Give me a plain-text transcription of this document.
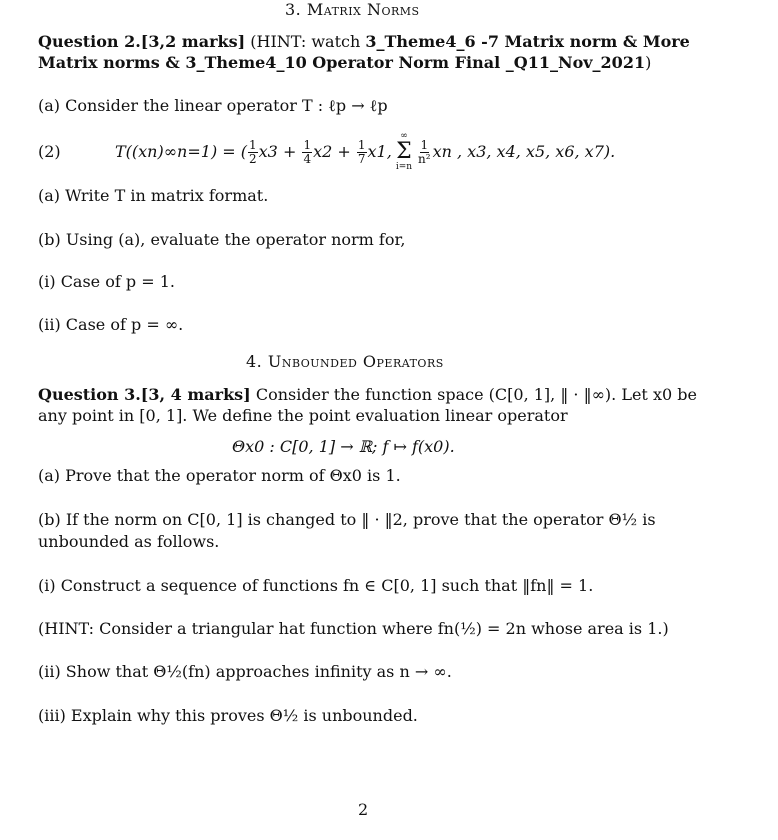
3. Matrix Norms
Question 2.[3,2 marks] (HINT: watch 3_Theme4_6 -7 Matrix norm & More
Matrix norms & 3_Theme4_10 Operator Norm Final _Q11_Nov_2021)
(a) Consider the linear operator T : ℓp → ℓp
(2)	T((xn)∞n=1) = ( $\frac{1}{2} x3$ +
$\frac{1}{4} x2$ +
$\frac{1}{7} x1$,
∞
Σ
i=n
$\frac{1}{\text{n²}}$ xn , x3, x4, x5, x6, x7).
(a) Write T in matrix format.
(b) Using (a), evaluate the operator norm for,
(i) Case of p = 1.
(ii) Case of p = ∞.
4. Unbounded Operators
Question 3.[3, 4 marks] Consider the function space (C[0, 1], ‖ · ‖∞). Let x0 be
any point in [0, 1]. We define the point evaluation linear operator
Θx0 : C[0, 1] → ℝ; f ↦ f(x0).
(a) Prove that the operator norm of Θx0 is 1.
(b) If the norm on C[0, 1] is changed to ‖ · ‖2, prove that the operator Θ½ is
unbounded as follows.
(i) Construct a sequence of functions fn ∈ C[0, 1] such that ‖fn‖ = 1.
(HINT: Consider a triangular hat function where fn(½) = 2n whose area is 1.)
(ii) Show that Θ½(fn) approaches infinity as n → ∞.
(iii) Explain why this proves Θ½ is unbounded.
2
